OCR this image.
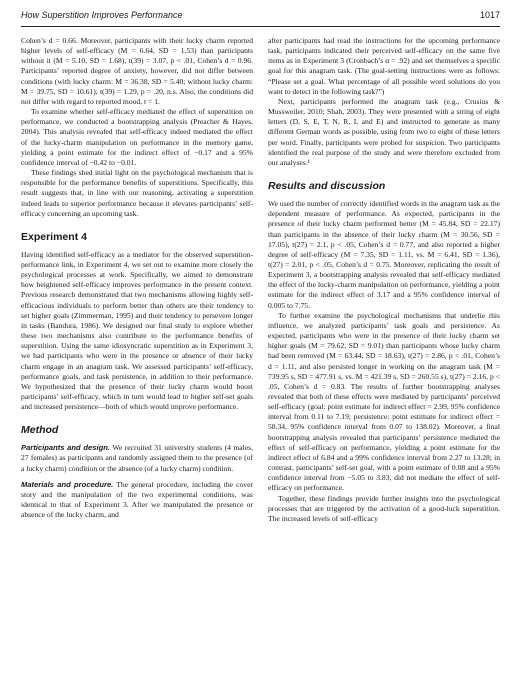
How Superstition Improves Performance	1017

Cohen’s d = 0.66. Moreover, participants with their lucky charm reported higher levels of self-efficacy (M = 6.64, SD = 1.53) than participants without it (M = 5.10, SD = 1.68), t(39) = 3.07, p < .01, Cohen’s d = 0.96. Participants’ reported degree of anxiety, however, did not differ between conditions (with lucky charm: M = 36.38, SD = 5.40; without lucky charm: M = 39.75, SD = 10.61), t(39) = 1.29, p = .20, n.s. Also, the conditions did not differ with regard to reported mood, t = 1.

To examine whether self-efficacy mediated the effect of superstition on performance, we conducted a bootstrapping analysis (Preacher & Hayes, 2004). This analysis revealed that self-efficacy indeed mediated the effect of the lucky-charm manipulation on performance in the memory game, yielding a point estimate for the indirect effect of −0.17 and a 95% confidence interval of −0.42 to −0.01.

These findings shed initial light on the psychological mechanism that is responsible for the performance benefits of superstitions. Specifically, this result suggests that, in line with our reasoning, activating a superstition indeed leads to superior performance because it elevates participants’ self-efficacy concerning an upcoming task.

Experiment 4

Having identified self-efficacy as a mediator for the observed superstition-performance link, in Experiment 4, we set out to examine more closely the psychological processes at work. Specifically, we aimed to demonstrate how heightened self-efficacy improves performance in the present context. Previous research demonstrated that two mechanisms allowing highly self-efficacious individuals to perform better than others are their tendency to set higher goals (Zimmerman, 1995) and their tendency to persevere longer in tasks (Bandura, 1986). We designed our final study to explore whether these two mechanisms also contribute to the performance benefits of superstition. Using the same idiosyncratic superstition as in Experiment 3, we had participants who were in the presence or absence of their lucky charm engage in an anagram task. We assessed participants’ self-efficacy, performance goals, and task persistence, in addition to their performance. We hypothesized that the presence of their lucky charm would boost participants’ self-efficacy, which in turn would lead to higher self-set goals and increased persistence—both of which would improve performance.

Method

Participants and design. We recruited 31 university students (4 males, 27 females) as participants and randomly assigned them to the presence (of a lucky charm) condition or the absence (of a lucky charm) condition.

Materials and procedure. The general procedure, including the cover story and the manipulation of the two experimental conditions, was identical to that of Experiment 3. After we manipulated the presence or absence of the lucky charm, and

after participants had read the instructions for the upcoming performance task, participants indicated their perceived self-efficacy on the same five items as in Experiment 3 (Cronbach’s α = .92) and set themselves a specific goal for this anagram task. (The goal-setting instructions were as follows: “Please set a goal. What percentage of all possible word solutions do you want to detect in the following task?”)

Next, participants performed the anagram task (e.g., Crusius & Mussweiler, 2010; Shah, 2003). They were presented with a string of eight letters (D, S, E, T, N, R, I, and E) and instructed to generate as many different German words as possible, using from two to eight of these letters per word. Finally, participants were probed for suspicion. Two participants identified the real purpose of the study and were therefore excluded from our analyses.¹

Results and discussion

We used the number of correctly identified words in the anagram task as the dependent measure of performance. As expected, participants in the presence of their lucky charm performed better (M = 45.84, SD = 22.17) than participants in the absence of their lucky charm (M = 30.56, SD = 17.05), t(27) = 2.1, p < .05, Cohen’s d = 0.77, and also reported a higher degree of self-efficacy (M = 7.35, SD = 1.11, vs. M = 6.41, SD = 1.36), t(27) = 2.01, p < .05, Cohen’s d = 0.75. Moreover, replicating the result of Experiment 3, a bootstrapping analysis revealed that self-efficacy mediated the effect of the lucky-charm manipulation on performance, yielding a point estimate for the indirect effect of 3.17 and a 95% confidence interval of 0.005 to 7.75.

To further examine the psychological mechanisms that underlie this influence, we analyzed participants’ task goals and persistence. As expected, participants who were in the presence of their lucky charm set higher goals (M = 79.62, SD = 9.01) than participants whose lucky charm had been removed (M = 63.44, SD = 18.63), t(27) = 2.86, p < .01, Cohen’s d = 1.11, and also persisted longer in working on the anagram task (M = 739.95 s, SD = 477.91 s, vs. M = 421.39 s, SD = 260.55 s), t(27) = 2.16, p < .05, Cohen’s d = 0.83. The results of further bootstrapping analyses revealed that both of these effects were mediated by participants’ perceived self-efficacy (goal: point estimate for indirect effect = 2.99, 95% confidence interval from 0.11 to 7.19; persistence: point estimate for indirect effect = 58.34, 95% confidence interval from 0.07 to 138.02). Moreover, a final bootstrapping analysis revealed that participants’ persistence mediated the effect of self-efficacy on performance, yielding a point estimate for the indirect effect of 6.84 and a 99% confidence interval from 2.27 to 13.28; in contrast, participants’ self-set goal, with a point estimate of 0.08 and a 95% confidence interval from −5.05 to 3.83, did not mediate the effect of self-efficacy on performance.

Together, these findings provide further insights into the psychological processes that are triggered by the activation of a good-luck superstition. The increased levels of self-efficacy
